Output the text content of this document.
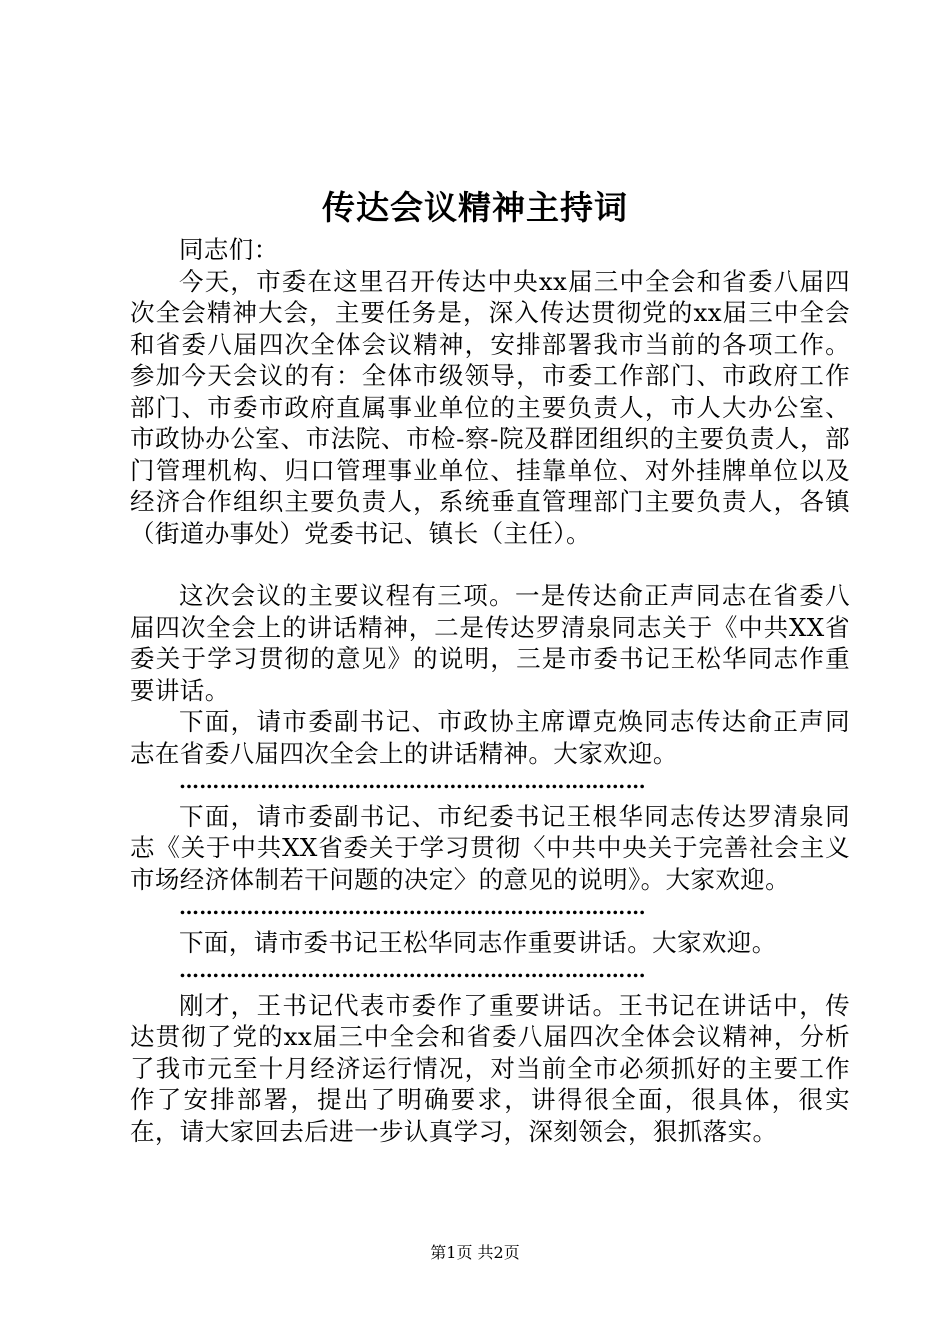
传达会议精神主持词

同志们：

今天，市委在这里召开传达中央xx届三中全会和省委八届四次全会精神大会，主要任务是，深入传达贯彻党的xx届三中全会和省委八届四次全体会议精神，安排部署我市当前的各项工作。参加今天会议的有：全体市级领导，市委工作部门、市政府工作部门、市委市政府直属事业单位的主要负责人，市人大办公室、市政协办公室、市法院、市检-察-院及群团组织的主要负责人，部门管理机构、归口管理事业单位、挂靠单位、对外挂牌单位以及经济合作组织主要负责人，系统垂直管理部门主要负责人，各镇（街道办事处）党委书记、镇长（主任）。

这次会议的主要议程有三项。一是传达俞正声同志在省委八届四次全会上的讲话精神，二是传达罗清泉同志关于《中共XX省委关于学习贯彻的意见》的说明，三是市委书记王松华同志作重要讲话。

下面，请市委副书记、市政协主席谭克焕同志传达俞正声同志在省委八届四次全会上的讲话精神。大家欢迎。

……………………………………………………………

下面，请市委副书记、市纪委书记王根华同志传达罗清泉同志《关于中共XX省委关于学习贯彻〈中共中央关于完善社会主义市场经济体制若干问题的决定〉的意见的说明》。大家欢迎。

……………………………………………………………

下面，请市委书记王松华同志作重要讲话。大家欢迎。

……………………………………………………………

刚才，王书记代表市委作了重要讲话。王书记在讲话中，传达贯彻了党的xx届三中全会和省委八届四次全体会议精神，分析了我市元至十月经济运行情况，对当前全市必须抓好的主要工作作了安排部署，提出了明确要求，讲得很全面，很具体，很实在，请大家回去后进一步认真学习，深刻领会，狠抓落实。

第1页 共2页
